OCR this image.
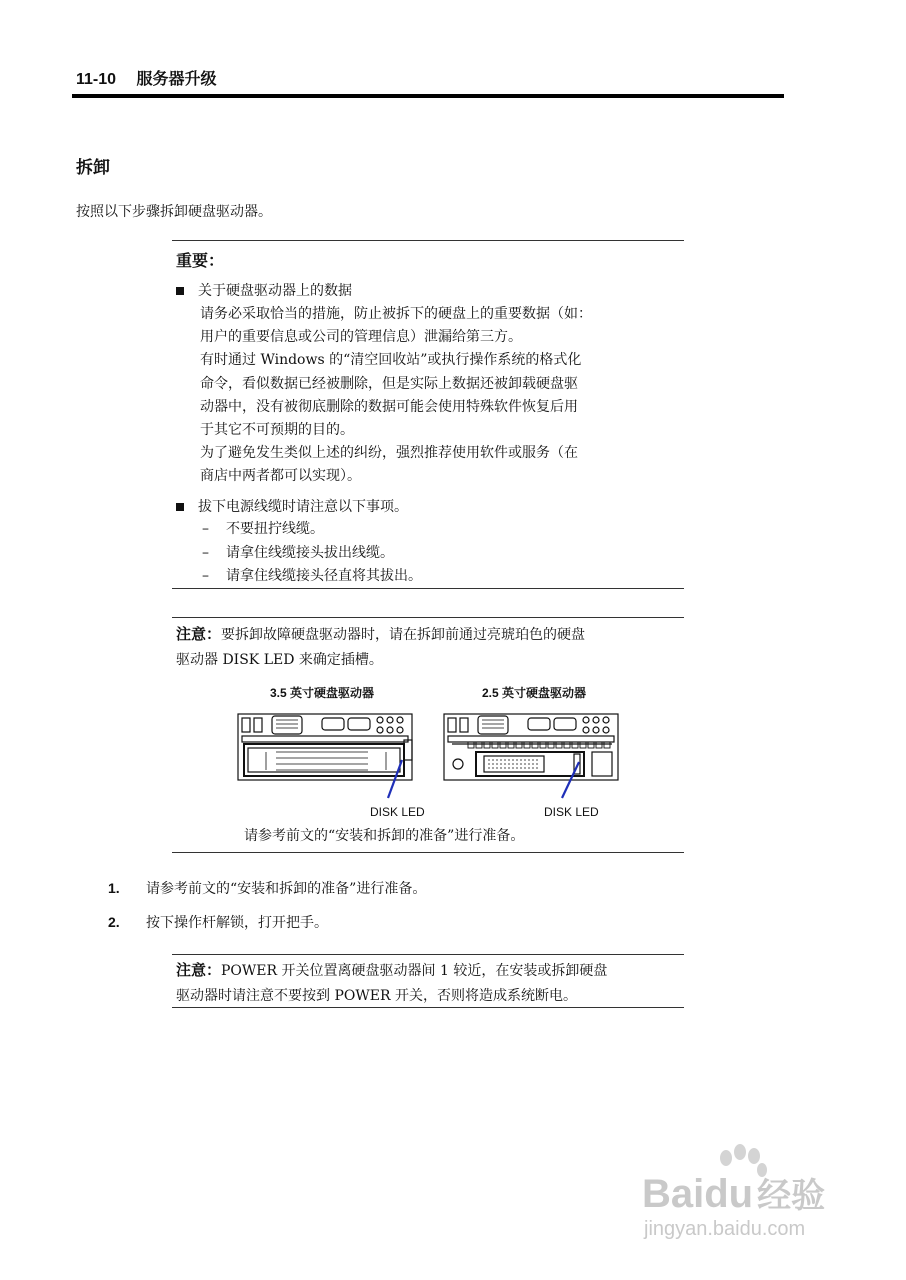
11-10 服务器升级
拆卸
按照以下步骤拆卸硬盘驱动器。
重要：
关于硬盘驱动器上的数据
请务必采取恰当的措施，防止被拆下的硬盘上的重要数据（如：
用户的重要信息或公司的管理信息）泄漏给第三方。
有时通过 Windows 的“清空回收站”或执行操作系统的格式化
命令，看似数据已经被删除，但是实际上数据还被卸载硬盘驱
动器中，没有被彻底删除的数据可能会使用特殊软件恢复后用
于其它不可预期的目的。
为了避免发生类似上述的纠纷，强烈推荐使用软件或服务（在
商店中两者都可以实现）。
拔下电源线缆时请注意以下事项。
– 不要扭拧线缆。
– 请拿住线缆接头拔出线缆。
– 请拿住线缆接头径直将其拔出。
注意：要拆卸故障硬盘驱动器时，请在拆卸前通过亮琥珀色的硬盘
驱动器 DISK LED 来确定插槽。
3.5 英寸硬盘驱动器	2.5 英寸硬盘驱动器
DISK LED	DISK LED
请参考前文的“安装和拆卸的准备”进行准备。
1. 请参考前文的“安装和拆卸的准备”进行准备。
2. 按下操作杆解锁，打开把手。
注意：POWER 开关位置离硬盘驱动器间 1 较近，在安装或拆卸硬盘
驱动器时请注意不要按到 POWER 开关，否则将造成系统断电。
Baidu 经验
jingyan.baidu.com
